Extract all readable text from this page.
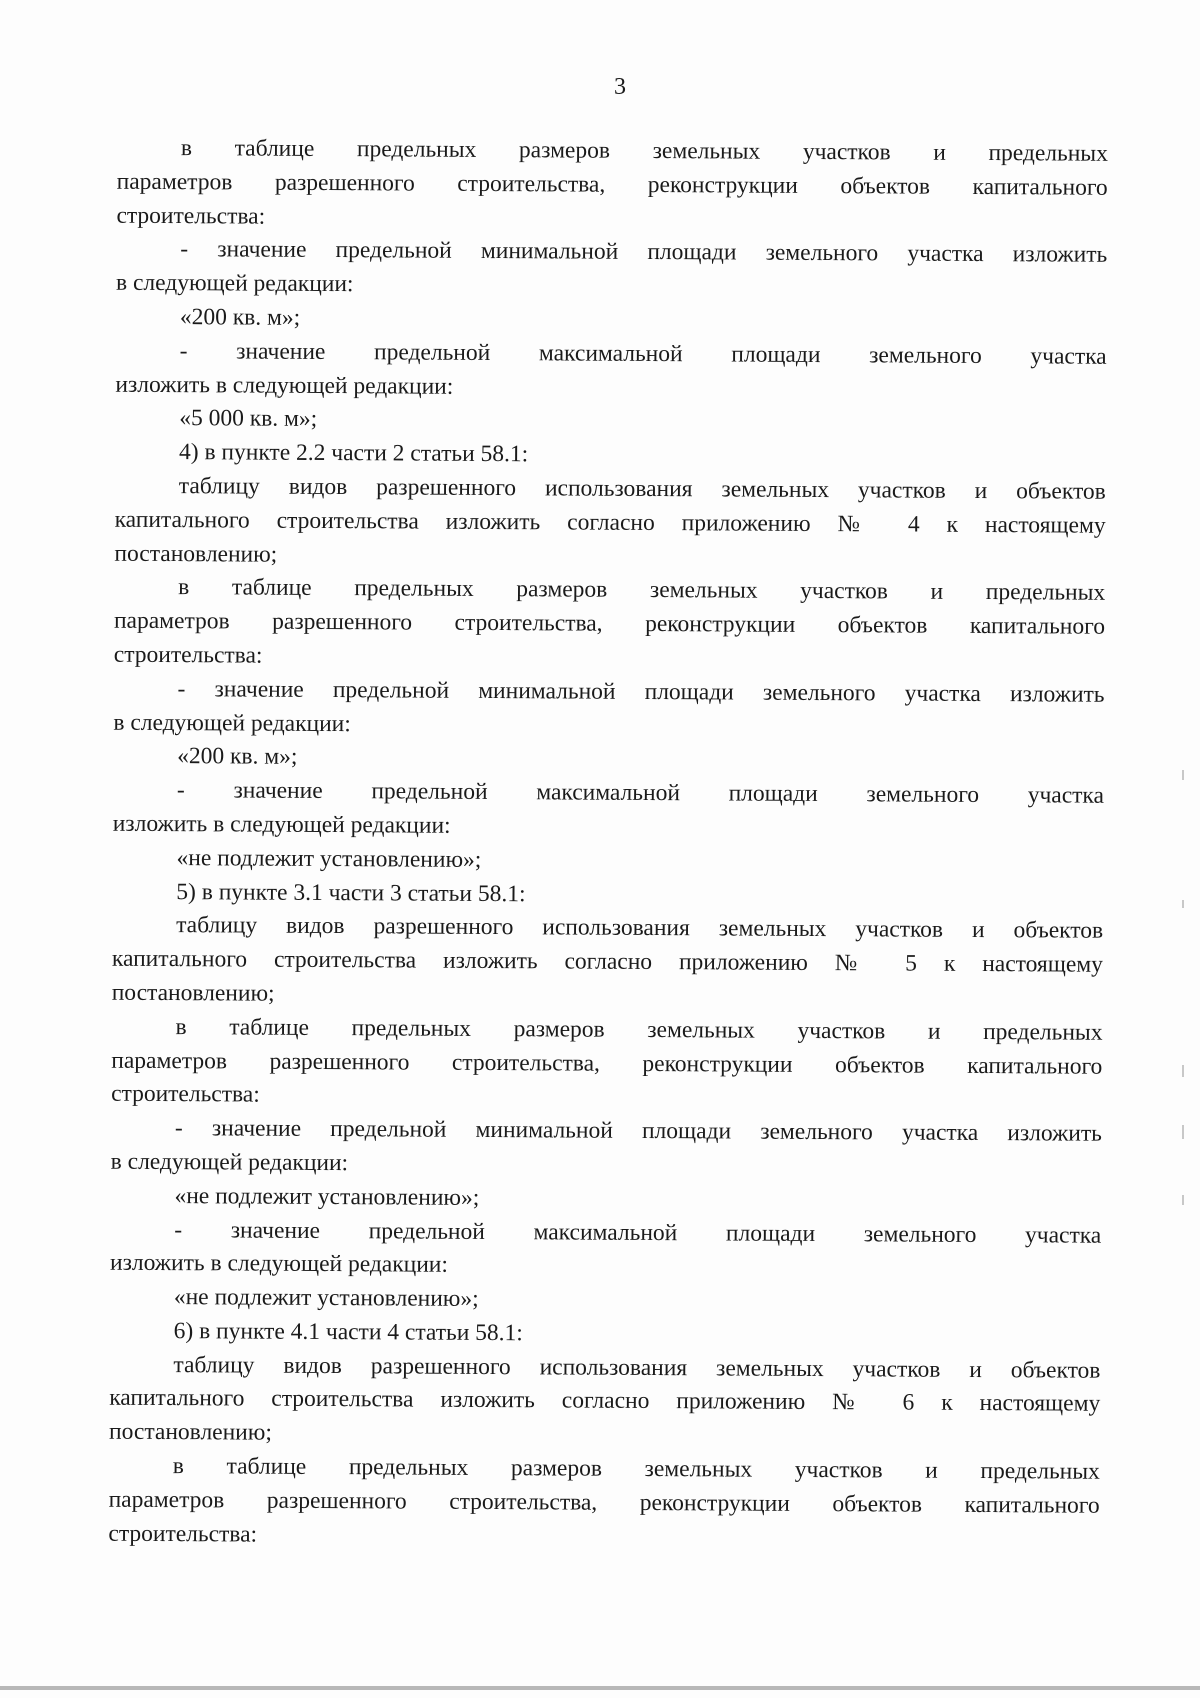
3
в таблице предельных размеров земельных участков и предельных
параметров разрешенного строительства, реконструкции объектов капитального
строительства:
- значение предельной минимальной площади земельного участка изложить
в следующей редакции:
«200 кв. м»;
- значение предельной максимальной площади земельного участка
изложить в следующей редакции:
«5 000 кв. м»;
4) в пункте 2.2 части 2 статьи 58.1:
таблицу видов разрешенного использования земельных участков и объектов
капитального строительства изложить согласно приложению № 4 к настоящему
постановлению;
в таблице предельных размеров земельных участков и предельных
параметров разрешенного строительства, реконструкции объектов капитального
строительства:
- значение предельной минимальной площади земельного участка изложить
в следующей редакции:
«200 кв. м»;
- значение предельной максимальной площади земельного участка
изложить в следующей редакции:
«не подлежит установлению»;
5) в пункте 3.1 части 3 статьи 58.1:
таблицу видов разрешенного использования земельных участков и объектов
капитального строительства изложить согласно приложению № 5 к настоящему
постановлению;
в таблице предельных размеров земельных участков и предельных
параметров разрешенного строительства, реконструкции объектов капитального
строительства:
- значение предельной минимальной площади земельного участка изложить
в следующей редакции:
«не подлежит установлению»;
- значение предельной максимальной площади земельного участка
изложить в следующей редакции:
«не подлежит установлению»;
6) в пункте 4.1 части 4 статьи 58.1:
таблицу видов разрешенного использования земельных участков и объектов
капитального строительства изложить согласно приложению № 6 к настоящему
постановлению;
в таблице предельных размеров земельных участков и предельных
параметров разрешенного строительства, реконструкции объектов капитального
строительства:
